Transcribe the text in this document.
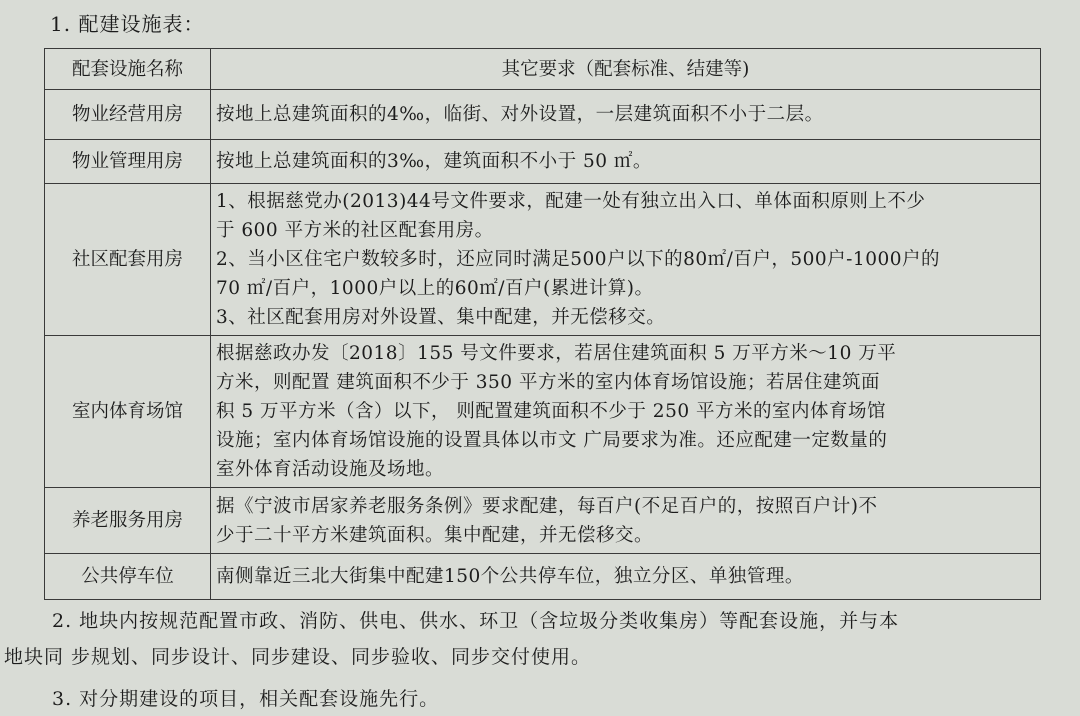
1. 配建设施表：
配套设施名称	其它要求（配套标准、结建等)
物业经营用房	按地上总建筑面积的4‰，临街、对外设置，一层建筑面积不小于二层。

物业管理用房	按地上总建筑面积的3‰，建筑面积不小于 50 ㎡。

社区配套用房	1、根据慈党办(2013)44号文件要求，配建一处有独立出入口、单体面积原则上不少
于 600 平方米的社区配套用房。
2、当小区住宅户数较多时，还应同时满足500户以下的80㎡/百户，500户-1000户的
70 ㎡/百户，1000户以上的60㎡/百户(累进计算)。
3、社区配套用房对外设置、集中配建，并无偿移交。

室内体育场馆	根据慈政办发〔2018〕155 号文件要求，若居住建筑面积 5 万平方米～10 万平
方米，则配置 建筑面积不少于 350 平方米的室内体育场馆设施；若居住建筑面
积 5 万平方米（含）以下， 则配置建筑面积不少于 250 平方米的室内体育场馆
设施；室内体育场馆设施的设置具体以市文 广局要求为准。还应配建一定数量的
室外体育活动设施及场地。

养老服务用房	据《宁波市居家养老服务条例》要求配建，每百户(不足百户的，按照百户计)不
少于二十平方米建筑面积。集中配建，并无偿移交。

公共停车位	南侧靠近三北大街集中配建150个公共停车位，独立分区、单独管理。
2. 地块内按规范配置市政、消防、供电、供水、环卫（含垃圾分类收集房）等配套设施，并与本
地块同 步规划、同步设计、同步建设、同步验收、同步交付使用。
3. 对分期建设的项目，相关配套设施先行。
